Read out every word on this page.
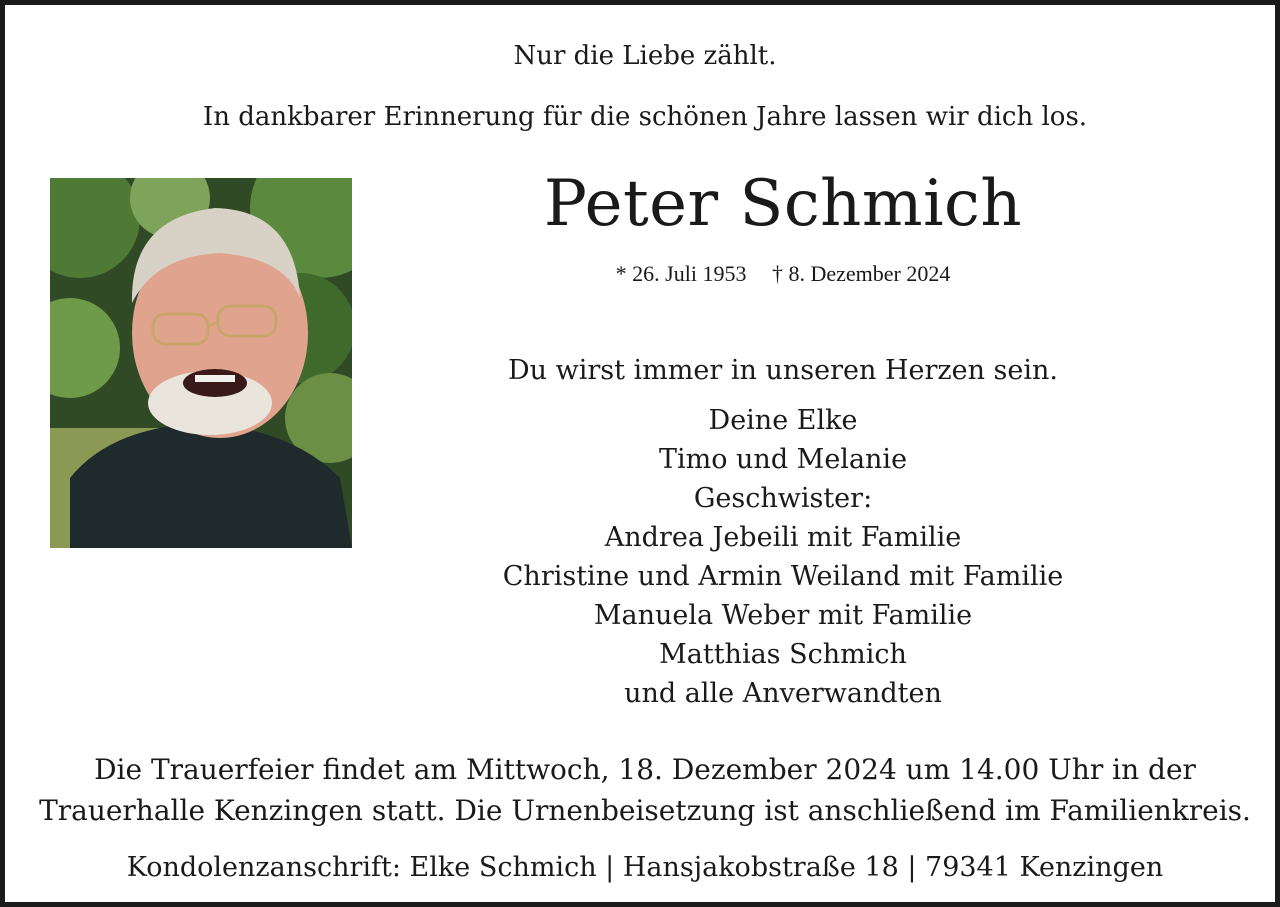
Nur die Liebe zählt.
In dankbarer Erinnerung für die schönen Jahre lassen wir dich los.
Peter Schmich
* 26. Juli 1953 † 8. Dezember 2024
Du wirst immer in unseren Herzen sein.
Deine Elke
Timo und Melanie
Geschwister:
Andrea Jebeili mit Familie
Christine und Armin Weiland mit Familie
Manuela Weber mit Familie
Matthias Schmich
und alle Anverwandten
Die Trauerfeier findet am Mittwoch, 18. Dezember 2024 um 14.00 Uhr in der
Trauerhalle Kenzingen statt. Die Urnenbeisetzung ist anschließend im Familienkreis.
Kondolenzanschrift: Elke Schmich | Hansjakobstraße 18 | 79341 Kenzingen
